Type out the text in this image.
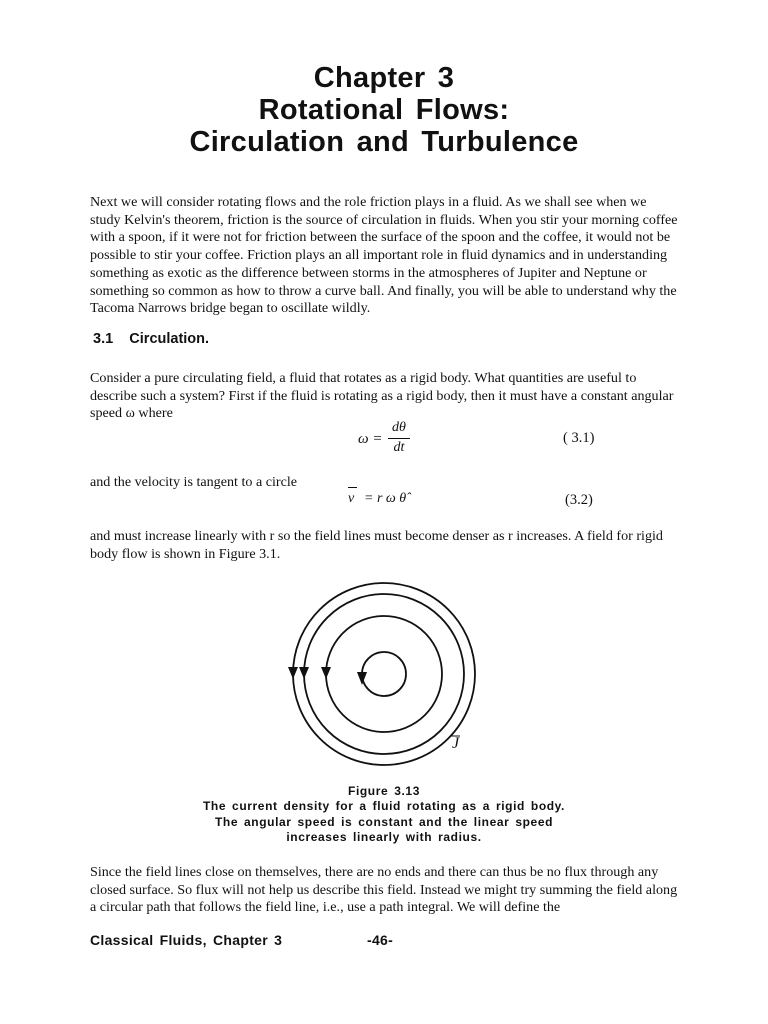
Chapter 3
Rotational Flows:
Circulation and Turbulence

Next we will consider rotating flows and the role friction plays in a fluid. As we shall see when we study Kelvin's theorem, friction is the source of circulation in fluids. When you stir your morning coffee with a spoon, if it were not for friction between the surface of the spoon and the coffee, it would not be possible to stir your coffee. Friction plays an all important role in fluid dynamics and in understanding something as exotic as the difference between storms in the atmospheres of Jupiter and Neptune or something so common as how to throw a curve ball. And finally, you will be able to understand why the Tacoma Narrows bridge began to oscillate wildly.

3.1 Circulation.

Consider a pure circulating field, a fluid that rotates as a rigid body. What quantities are useful to describe such a system? First if the fluid is rotating as a rigid body, then it must have a constant angular speed ω where

ω =
dθ
dt
( 3.1)

and the velocity is tangent to a circle

v = r ω θ̂	(3.2)

and must increase linearly with r so the field lines must become denser as r increases. A field for rigid body flow is shown in Figure 3.1.

J

Figure 3.13

The current density for a fluid rotating as a rigid body.

The angular speed is constant and the linear speed

increases linearly with radius.

Since the field lines close on themselves, there are no ends and there can thus be no flux through any closed surface. So flux will not help us describe this field. Instead we might try summing the field along a circular path that follows the field line, i.e., use a path integral. We will define the

Classical Fluids, Chapter 3	-46-
